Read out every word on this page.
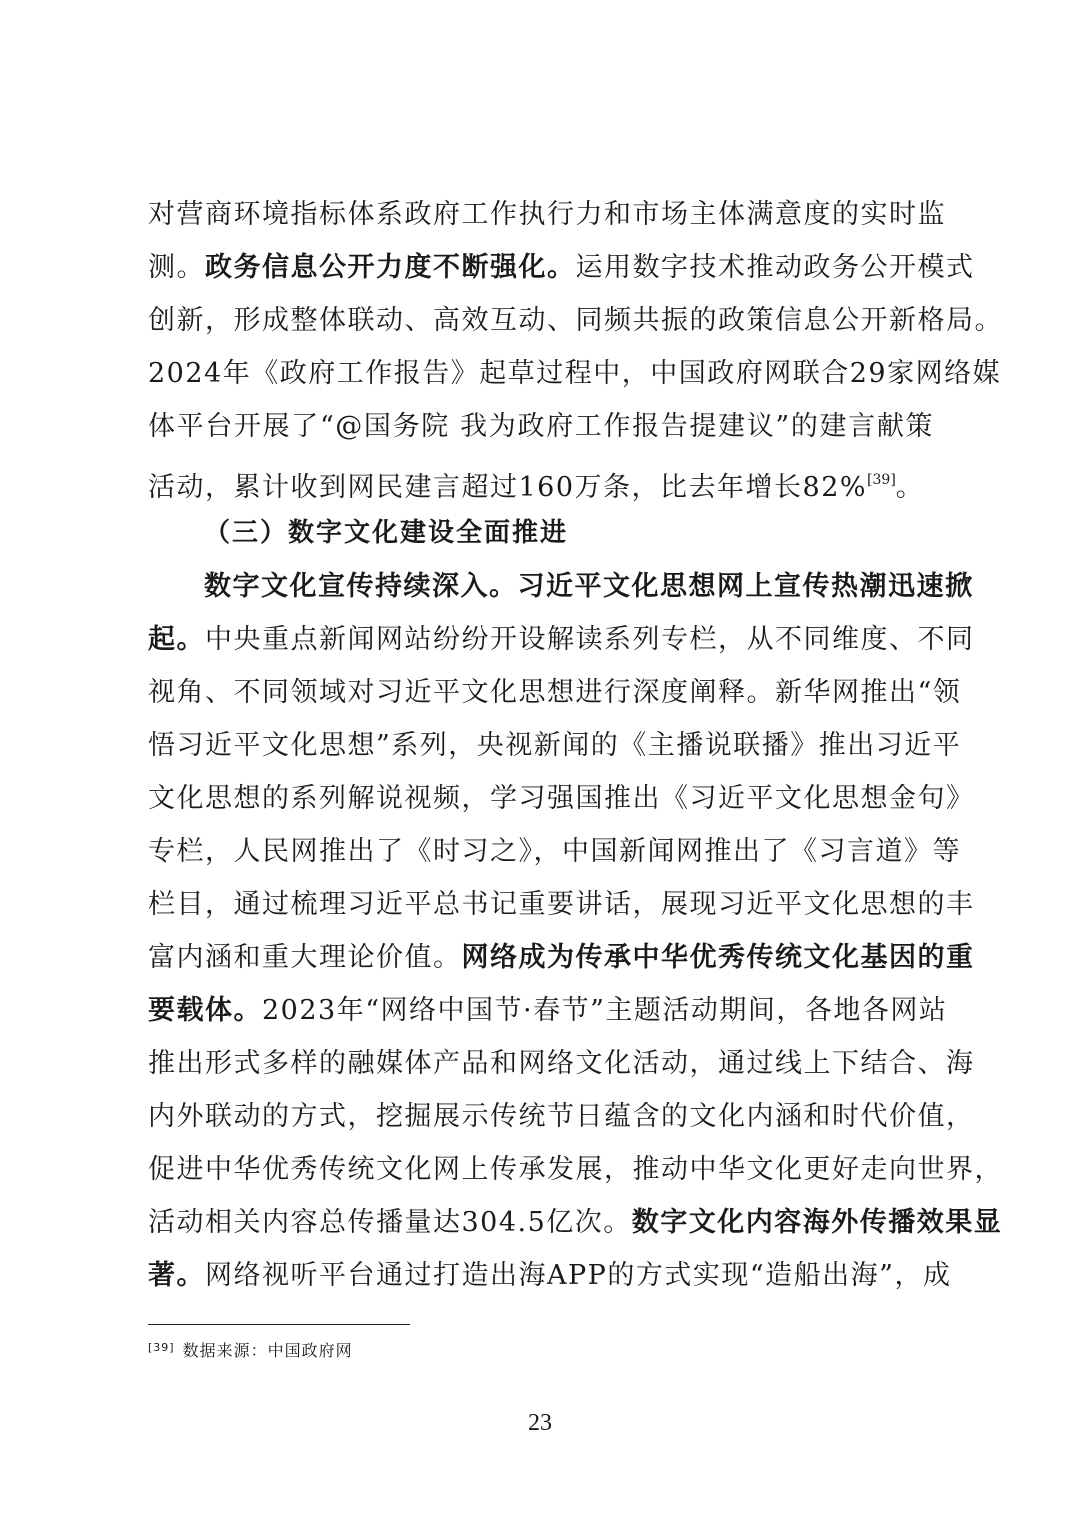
对营商环境指标体系政府工作执行力和市场主体满意度的实时监
测。政务信息公开力度不断强化。运用数字技术推动政务公开模式
创新，形成整体联动、高效互动、同频共振的政策信息公开新格局。
2024年《政府工作报告》起草过程中，中国政府网联合29家网络媒
体平台开展了“@国务院 我为政府工作报告提建议”的建言献策
活动，累计收到网民建言超过160万条，比去年增长82%[39]。
（三）数字文化建设全面推进
数字文化宣传持续深入。习近平文化思想网上宣传热潮迅速掀
起。中央重点新闻网站纷纷开设解读系列专栏，从不同维度、不同
视角、不同领域对习近平文化思想进行深度阐释。新华网推出“领
悟习近平文化思想”系列，央视新闻的《主播说联播》推出习近平
文化思想的系列解说视频，学习强国推出《习近平文化思想金句》
专栏，人民网推出了《时习之》，中国新闻网推出了《习言道》等
栏目，通过梳理习近平总书记重要讲话，展现习近平文化思想的丰
富内涵和重大理论价值。网络成为传承中华优秀传统文化基因的重
要载体。2023年“网络中国节·春节”主题活动期间，各地各网站
推出形式多样的融媒体产品和网络文化活动，通过线上下结合、海
内外联动的方式，挖掘展示传统节日蕴含的文化内涵和时代价值，
促进中华优秀传统文化网上传承发展，推动中华文化更好走向世界，
活动相关内容总传播量达304.5亿次。数字文化内容海外传播效果显
著。网络视听平台通过打造出海APP的方式实现“造船出海”，成
[39] 数据来源：中国政府网
23
